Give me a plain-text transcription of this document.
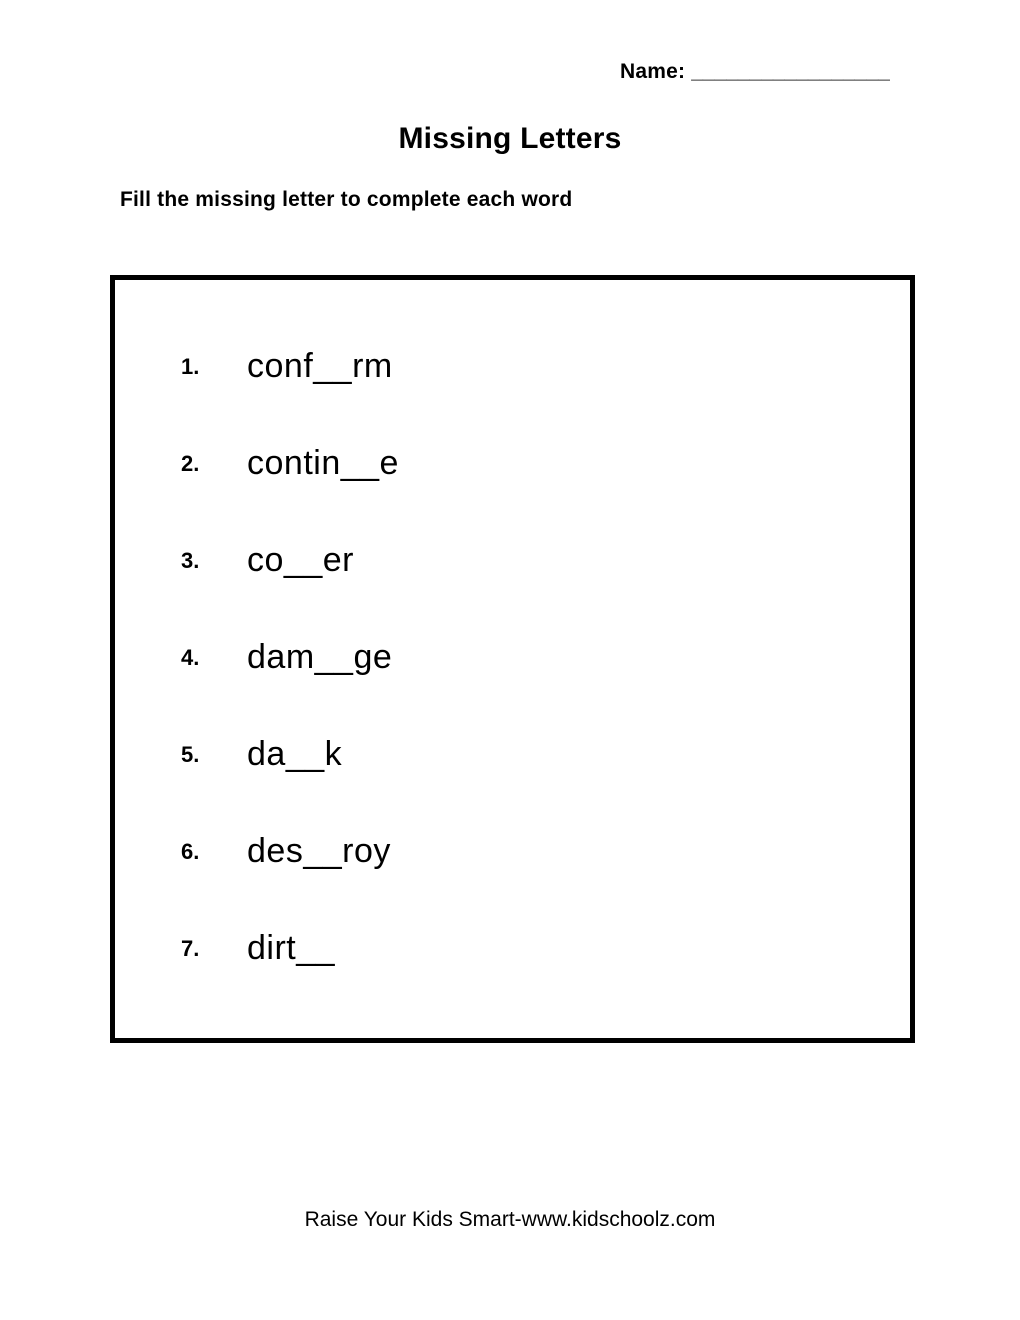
Name: _________________
Missing Letters
Fill the missing letter to complete each word
1.	conf__rm
2.	contin__e
3.	co__er
4.	dam__ge
5.	da__k
6.	des__roy
7.	dirt__
Raise Your Kids Smart-www.kidschoolz.com
